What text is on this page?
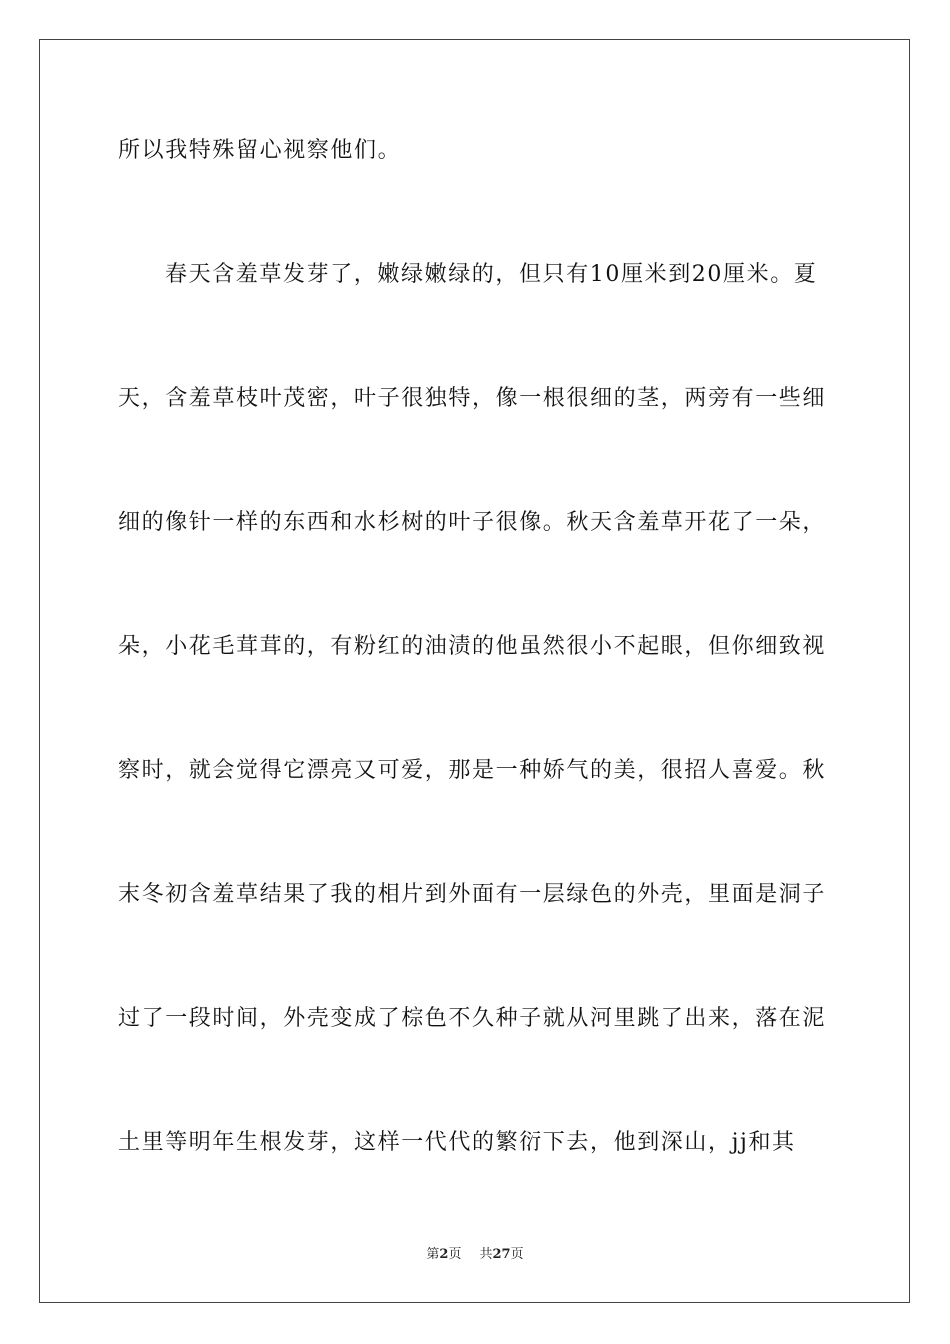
所以我特殊留心视察他们。
春天含羞草发芽了，嫩绿嫩绿的，但只有10厘米到20厘米。夏
天，含羞草枝叶茂密，叶子很独特，像一根很细的茎，两旁有一些细
细的像针一样的东西和水杉树的叶子很像。秋天含羞草开花了一朵，
朵，小花毛茸茸的，有粉红的油渍的他虽然很小不起眼，但你细致视
察时，就会觉得它漂亮又可爱，那是一种娇气的美，很招人喜爱。秋
末冬初含羞草结果了我的相片到外面有一层绿色的外壳，里面是洞子
过了一段时间，外壳变成了棕色不久种子就从河里跳了出来，落在泥
土里等明年生根发芽，这样一代代的繁衍下去，他到深山，jj和其
第2页 共27页
